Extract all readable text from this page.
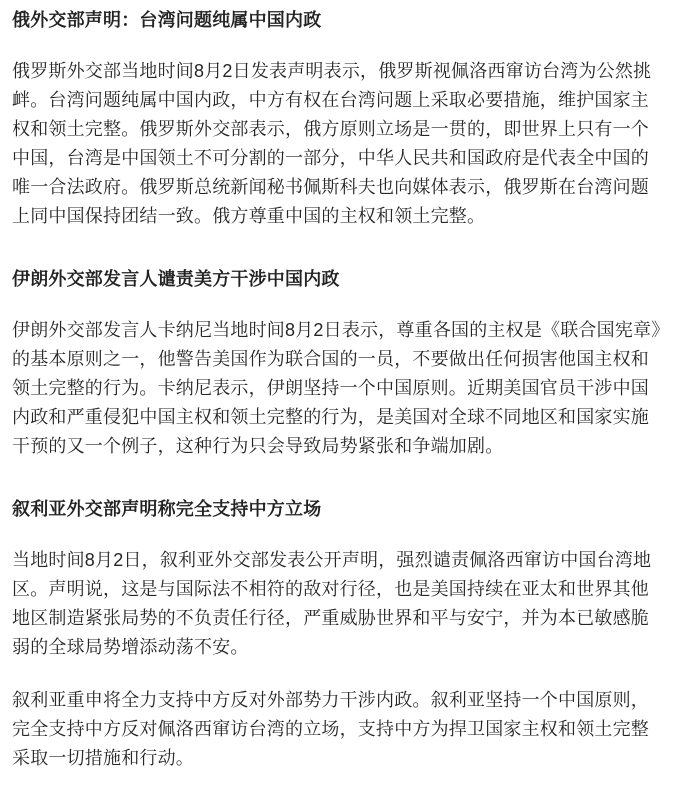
俄外交部声明：台湾问题纯属中国内政

俄罗斯外交部当地时间8月2日发表声明表示，俄罗斯视佩洛西窜访台湾为公然挑衅。台湾问题纯属中国内政，中方有权在台湾问题上采取必要措施，维护国家主权和领土完整。俄罗斯外交部表示，俄方原则立场是一贯的，即世界上只有一个中国，台湾是中国领土不可分割的一部分，中华人民共和国政府是代表全中国的唯一合法政府。俄罗斯总统新闻秘书佩斯科夫也向媒体表示，俄罗斯在台湾问题上同中国保持团结一致。俄方尊重中国的主权和领土完整。

伊朗外交部发言人谴责美方干涉中国内政

伊朗外交部发言人卡纳尼当地时间8月2日表示，尊重各国的主权是《联合国宪章》的基本原则之一，他警告美国作为联合国的一员，不要做出任何损害他国主权和领土完整的行为。卡纳尼表示，伊朗坚持一个中国原则。近期美国官员干涉中国内政和严重侵犯中国主权和领土完整的行为，是美国对全球不同地区和国家实施干预的又一个例子，这种行为只会导致局势紧张和争端加剧。

叙利亚外交部声明称完全支持中方立场

当地时间8月2日，叙利亚外交部发表公开声明，强烈谴责佩洛西窜访中国台湾地区。声明说，这是与国际法不相符的敌对行径，也是美国持续在亚太和世界其他地区制造紧张局势的不负责任行径，严重威胁世界和平与安宁，并为本已敏感脆弱的全球局势增添动荡不安。

叙利亚重申将全力支持中方反对外部势力干涉内政。叙利亚坚持一个中国原则，完全支持中方反对佩洛西窜访台湾的立场，支持中方为捍卫国家主权和领土完整采取一切措施和行动。
